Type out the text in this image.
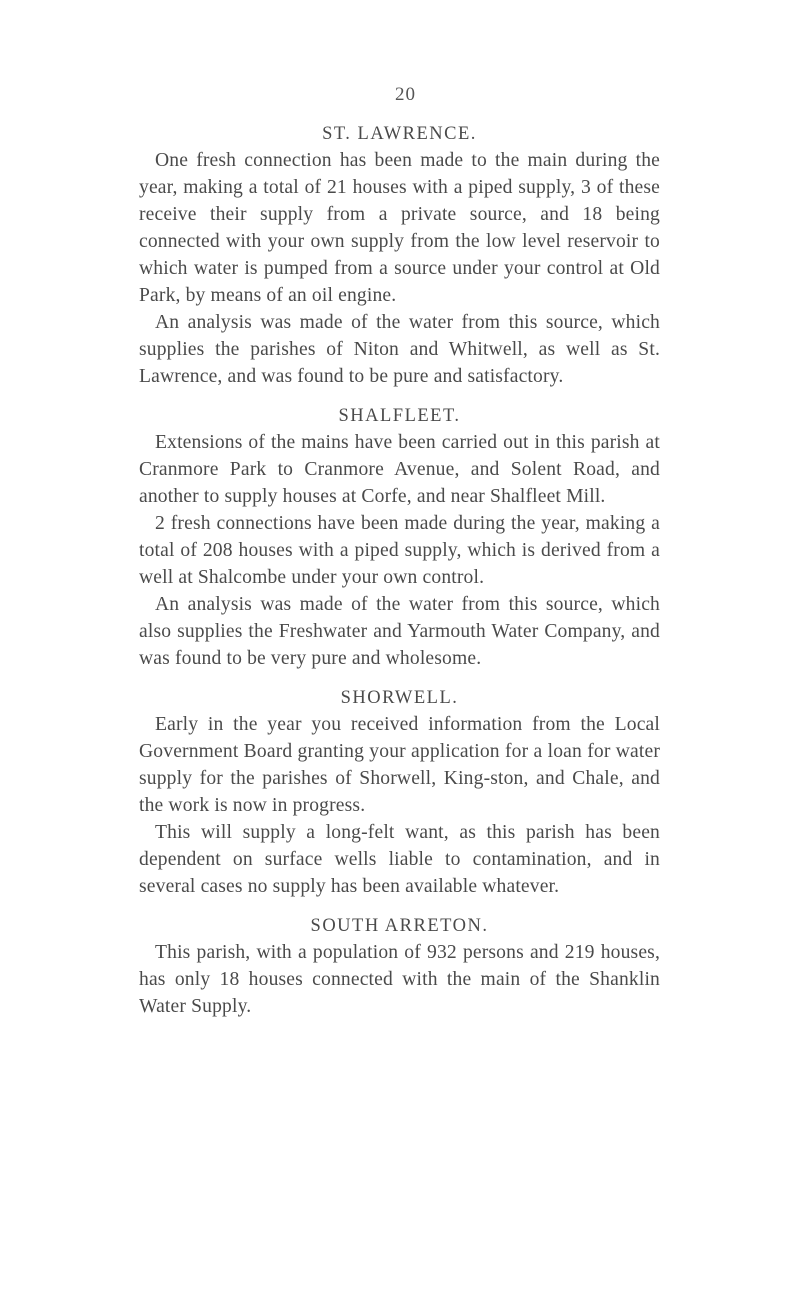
20
ST. LAWRENCE.

One fresh connection has been made to the main during the year, making a total of 21 houses with a piped supply, 3 of these receive their supply from a private source, and 18 being connected with your own supply from the low level reservoir to which water is pumped from a source under your control at Old Park, by means of an oil engine.

An analysis was made of the water from this source, which supplies the parishes of Niton and Whitwell, as well as St. Lawrence, and was found to be pure and satisfactory.

SHALFLEET.

Extensions of the mains have been carried out in this parish at Cranmore Park to Cranmore Avenue, and Solent Road, and another to supply houses at Corfe, and near Shalfleet Mill.

2 fresh connections have been made during the year, making a total of 208 houses with a piped supply, which is derived from a well at Shalcombe under your own control.

An analysis was made of the water from this source, which also supplies the Freshwater and Yarmouth Water Company, and was found to be very pure and wholesome.

SHORWELL.

Early in the year you received information from the Local Government Board granting your application for a loan for water supply for the parishes of Shorwell, King-ston, and Chale, and the work is now in progress.

This will supply a long-felt want, as this parish has been dependent on surface wells liable to contamination, and in several cases no supply has been available whatever.

SOUTH ARRETON.

This parish, with a population of 932 persons and 219 houses, has only 18 houses connected with the main of the Shanklin Water Supply.
